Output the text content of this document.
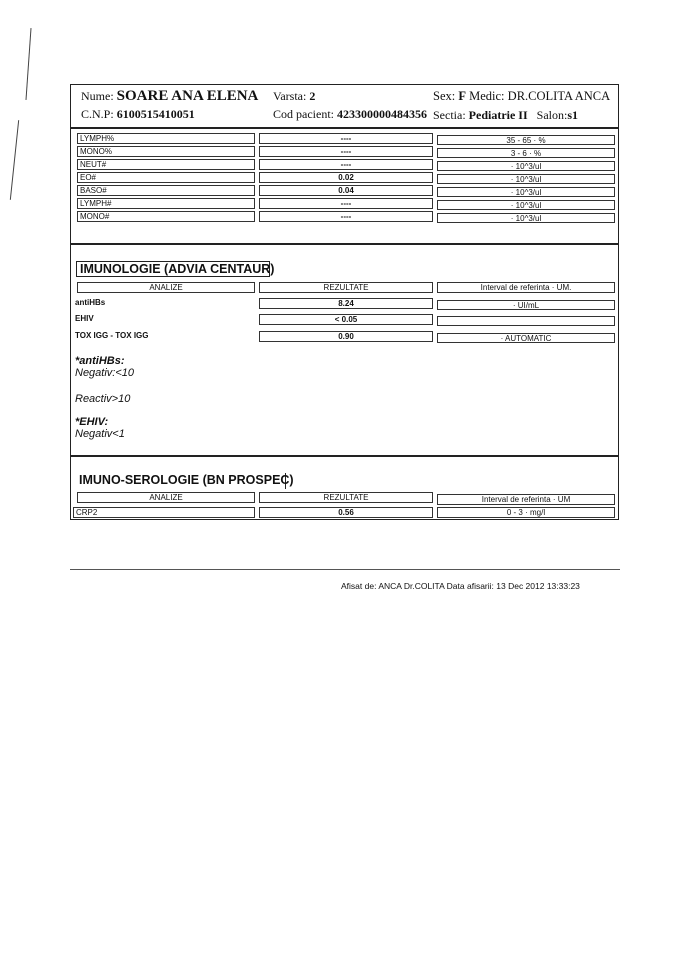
Nume: SOARE ANA ELENA Varsta: 2	Sex: F Medic: DR.COLITA ANCA
C.N.P: 6100515410051	Cod pacient: 423300000484356 Sectia: Pediatrie II Salon:s1
LYMPH%	----	35 - 65 · %
MONO%	----	3 - 6 · %
NEUT#	----	· 10^3/ul
EO#	0.02	· 10^3/ul
BASO#	0.04	· 10^3/ul
LYMPH#	----	· 10^3/ul
MONO#	----	· 10^3/ul
IMUNOLOGIE (ADVIA CENTAUR)
ANALIZE	REZULTATE	Interval de referinta · UM.
antiHBs	8.24	· UI/mL
EHIV	< 0.05
TOX IGG - TOX IGG	0.90	· AUTOMATIC
*antiHBs:
Negativ:<10
Reactiv>10
*EHIV:
Negativ<1
IMUNO-SEROLOGIE (BN PROSPEC)
ANALIZE	REZULTATE	Interval de referinta · UM
CRP2	0.56	0 - 3 · mg/l
Afisat de: ANCA Dr.COLITA Data afisarii: 13 Dec 2012 13:33:23
